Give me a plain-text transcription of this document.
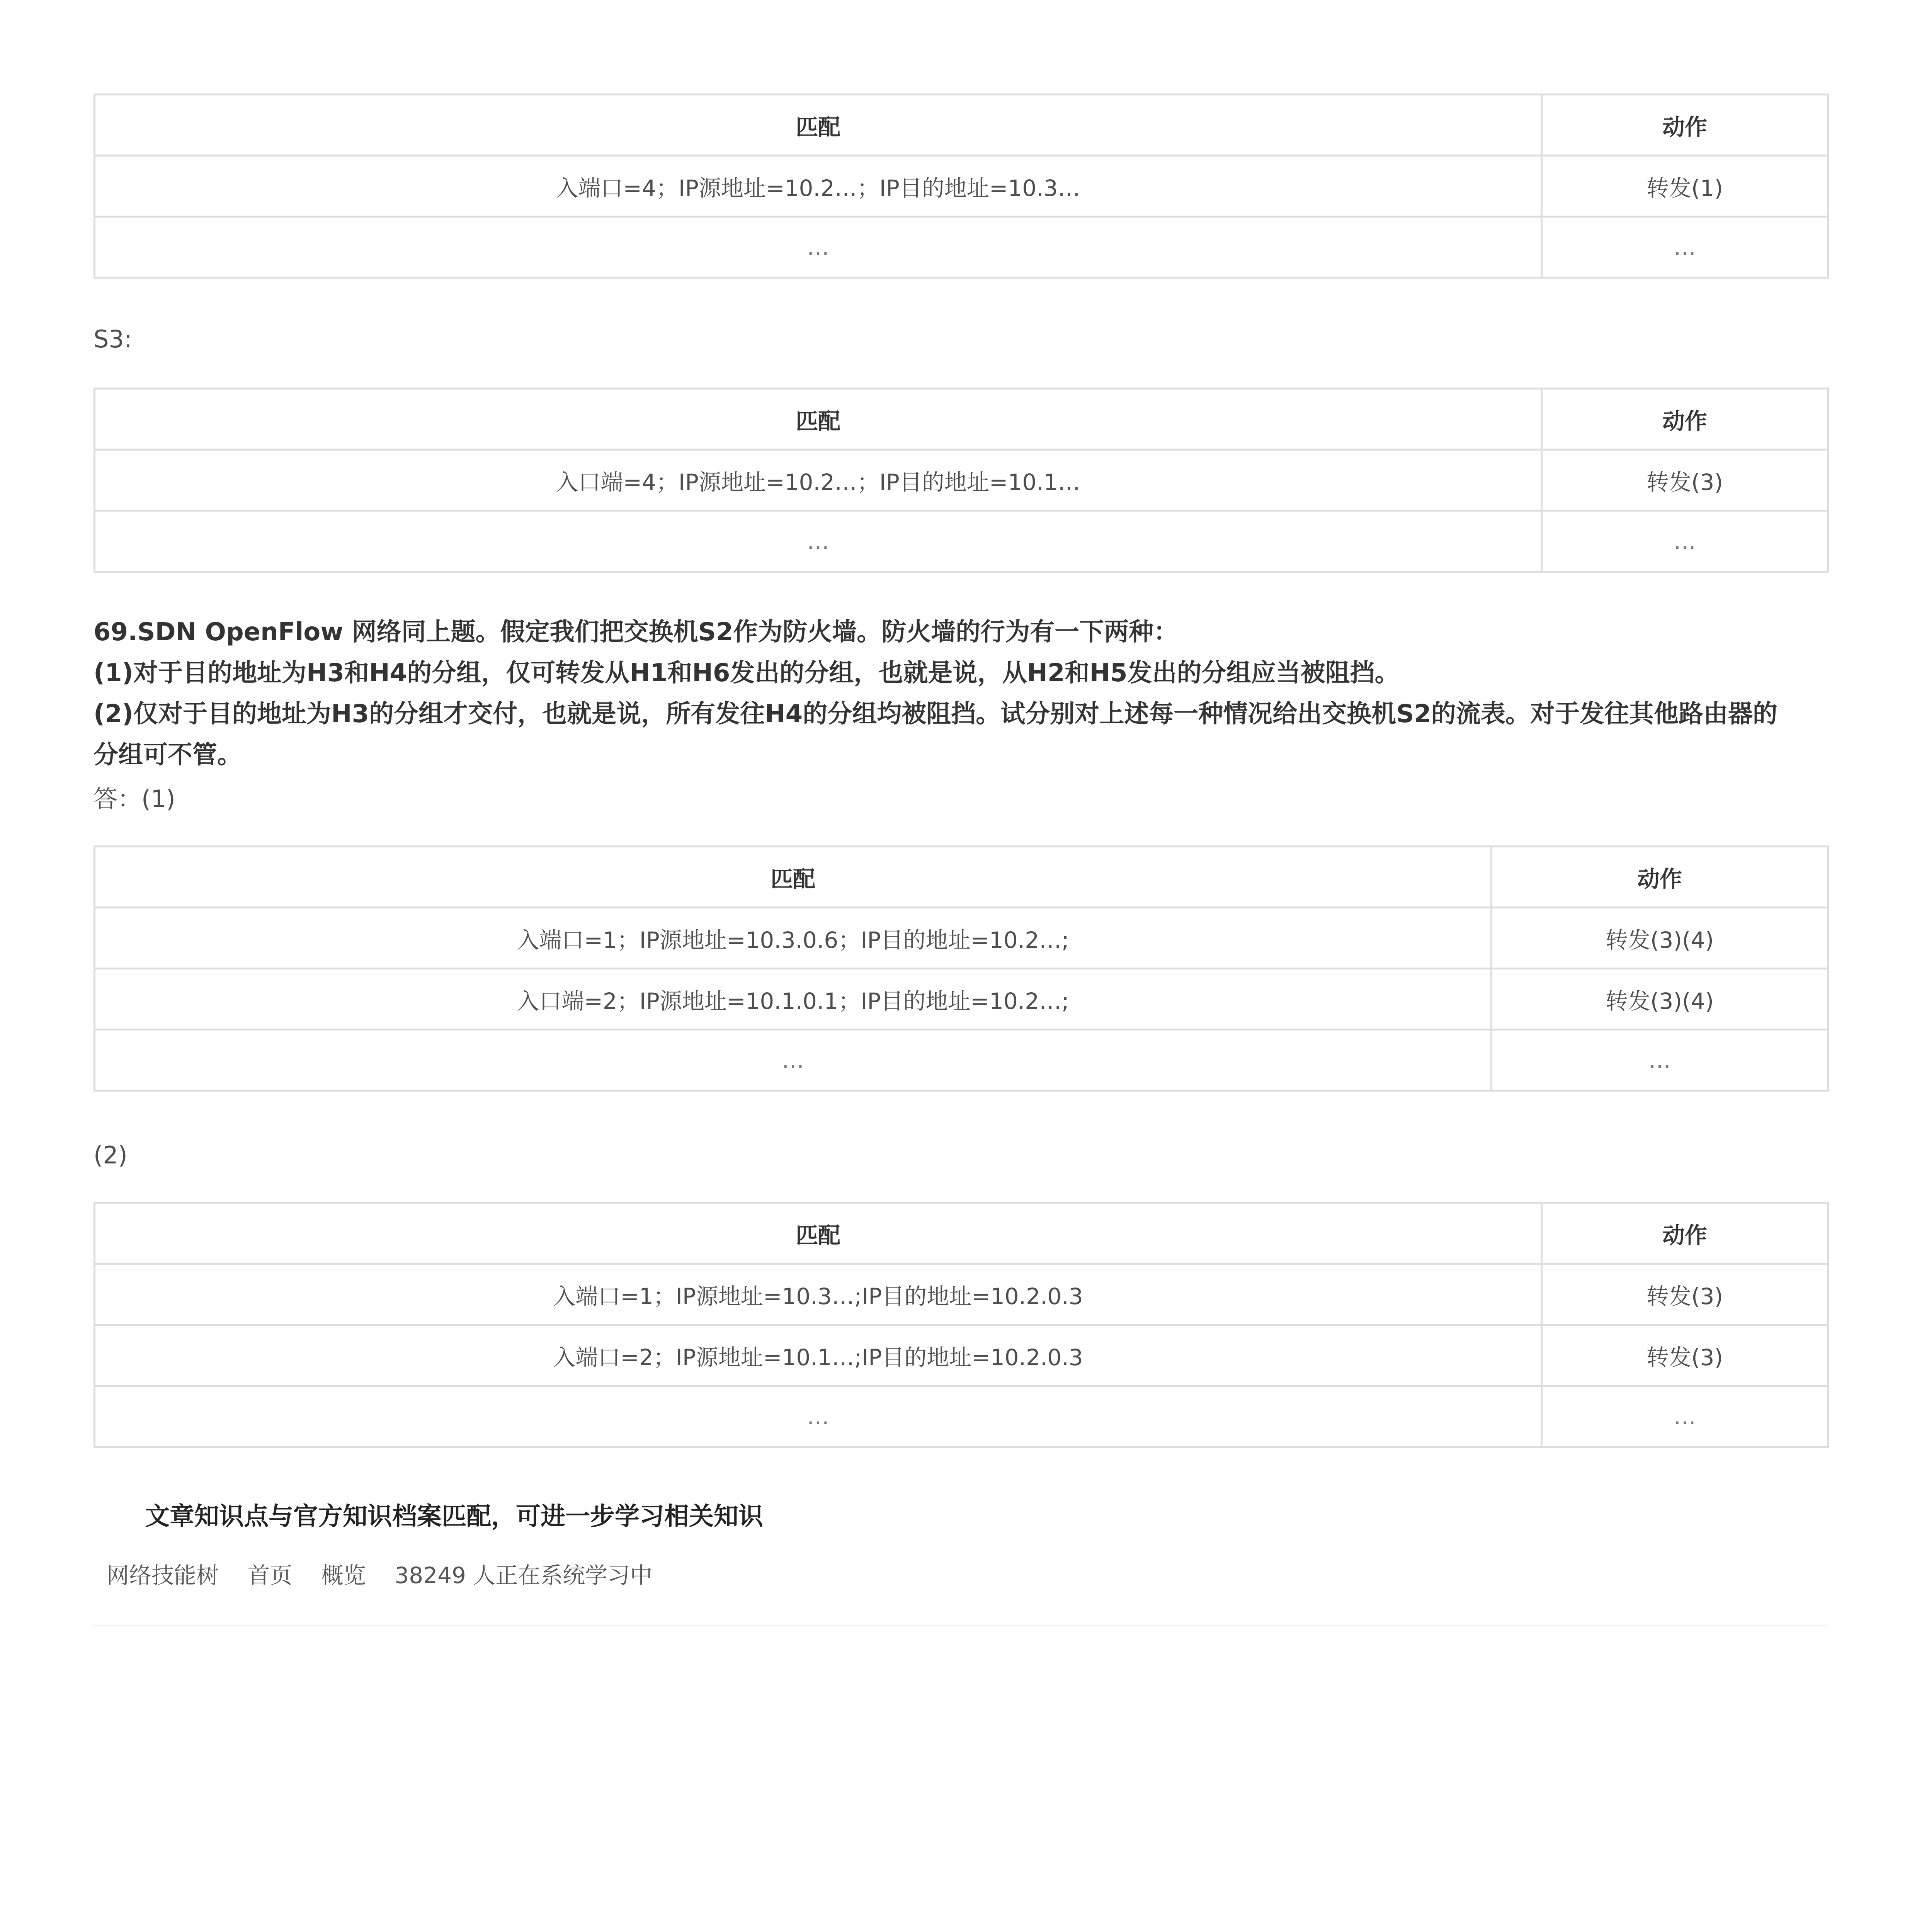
匹配	动作
入端口=4；IP源地址=10.2…；IP目的地址=10.3…	转发(1)
…	…
S3:
匹配	动作
入口端=4；IP源地址=10.2…；IP目的地址=10.1…	转发(3)
…	…
69.SDN OpenFlow 网络同上题。假定我们把交换机S2作为防火墙。防火墙的行为有一下两种：
(1)对于目的地址为H3和H4的分组，仅可转发从H1和H6发出的分组，也就是说，从H2和H5发出的分组应当被阻挡。
(2)仅对于目的地址为H3的分组才交付，也就是说，所有发往H4的分组均被阻挡。试分别对上述每一种情况给出交换机S2的流表。对于发往其他路由器的
分组可不管。
答：(1)
匹配	动作
入端口=1；IP源地址=10.3.0.6；IP目的地址=10.2…;	转发(3)(4)
入口端=2；IP源地址=10.1.0.1；IP目的地址=10.2…;	转发(3)(4)
…	…
(2)
匹配	动作
入端口=1；IP源地址=10.3…;IP目的地址=10.2.0.3	转发(3)
入端口=2；IP源地址=10.1…;IP目的地址=10.2.0.3	转发(3)
…	…
文章知识点与官方知识档案匹配，可进一步学习相关知识
网络技能树 首页 概览 38249 人正在系统学习中
